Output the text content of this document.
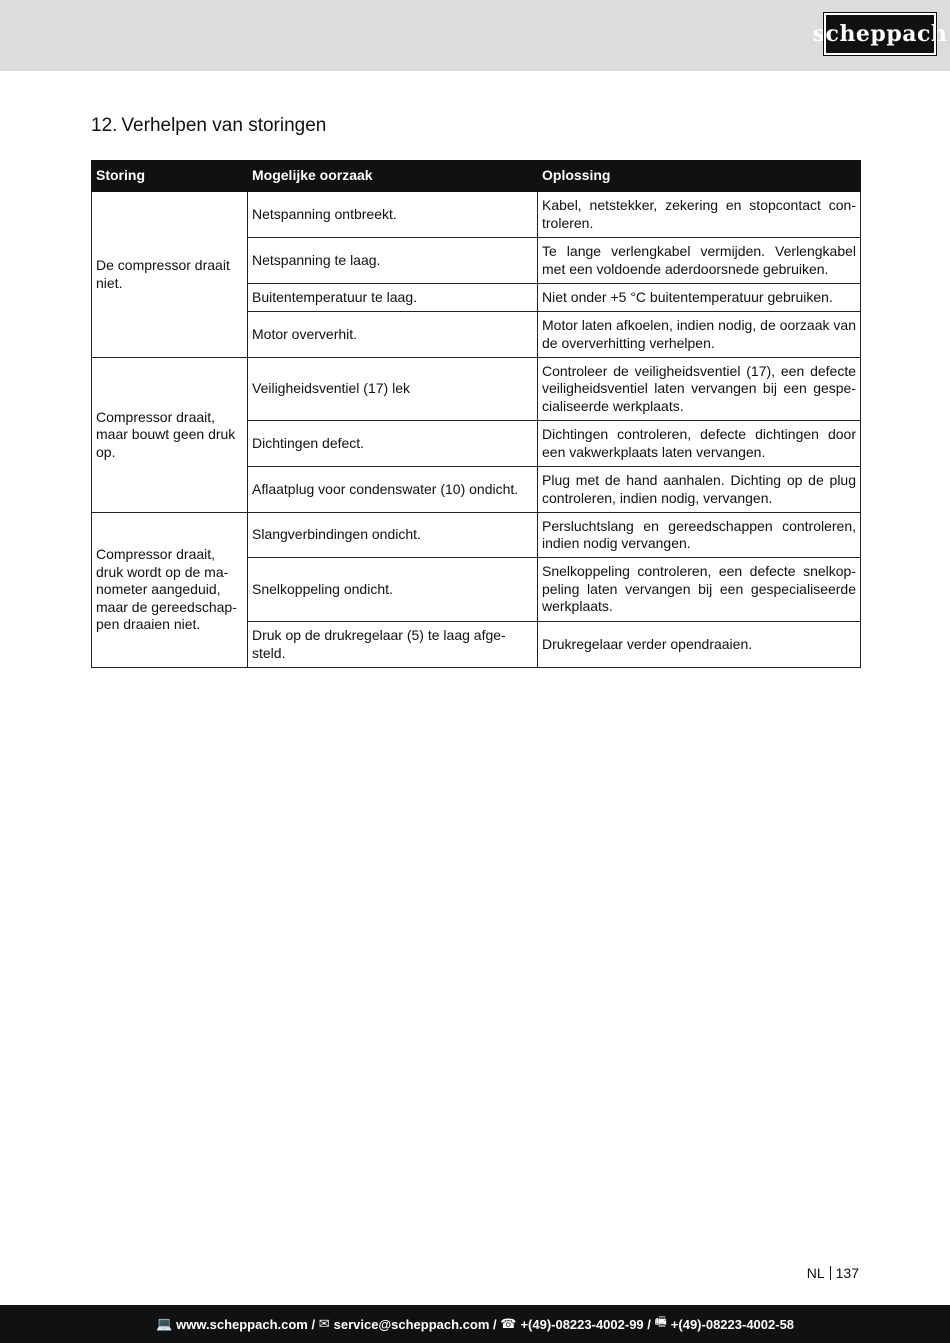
scheppach
12. Verhelpen van storingen
Storing	Mogelijke oorzaak	Oplossing
De compressor draait niet.	Netspanning ontbreekt.	Kabel, netstekker, zekering en stopcontact con-troleren.
	Netspanning te laag.	Te lange verlengkabel vermijden. Verlengkabel met een voldoende aderdoorsnede gebruiken.
	Buitentemperatuur te laag.	Niet onder +5 °C buitentemperatuur gebruiken.
	Motor oververhit.	Motor laten afkoelen, indien nodig, de oorzaak van de oververhitting verhelpen.
Compressor draait, maar bouwt geen druk op.	Veiligheidsventiel (17) lek	Controleer de veiligheidsventiel (17), een defecte veiligheidsventiel laten vervangen bij een gespe-cialiseerde werkplaats.
	Dichtingen defect.	Dichtingen controleren, defecte dichtingen door een vakwerkplaats laten vervangen.
	Aflaatplug voor condenswater (10) ondicht.	Plug met de hand aanhalen. Dichting op de plug controleren, indien nodig, vervangen.
Compressor draait, druk wordt op de ma-nometer aangeduid, maar de gereedschap-pen draaien niet.	Slangverbindingen ondicht.	Persluchtslang en gereedschappen controleren, indien nodig vervangen.
	Snelkoppeling ondicht.	Snelkoppeling controleren, een defecte snelkop-peling laten vervangen bij een gespecialiseerde werkplaats.
	Druk op de drukregelaar (5) te laag afge-steld.	Drukregelaar verder opendraaien.
NL 137
💻 www.scheppach.com / ✉ service@scheppach.com / ☎ +(49)-08223-4002-99 / 🖷 +(49)-08223-4002-58
